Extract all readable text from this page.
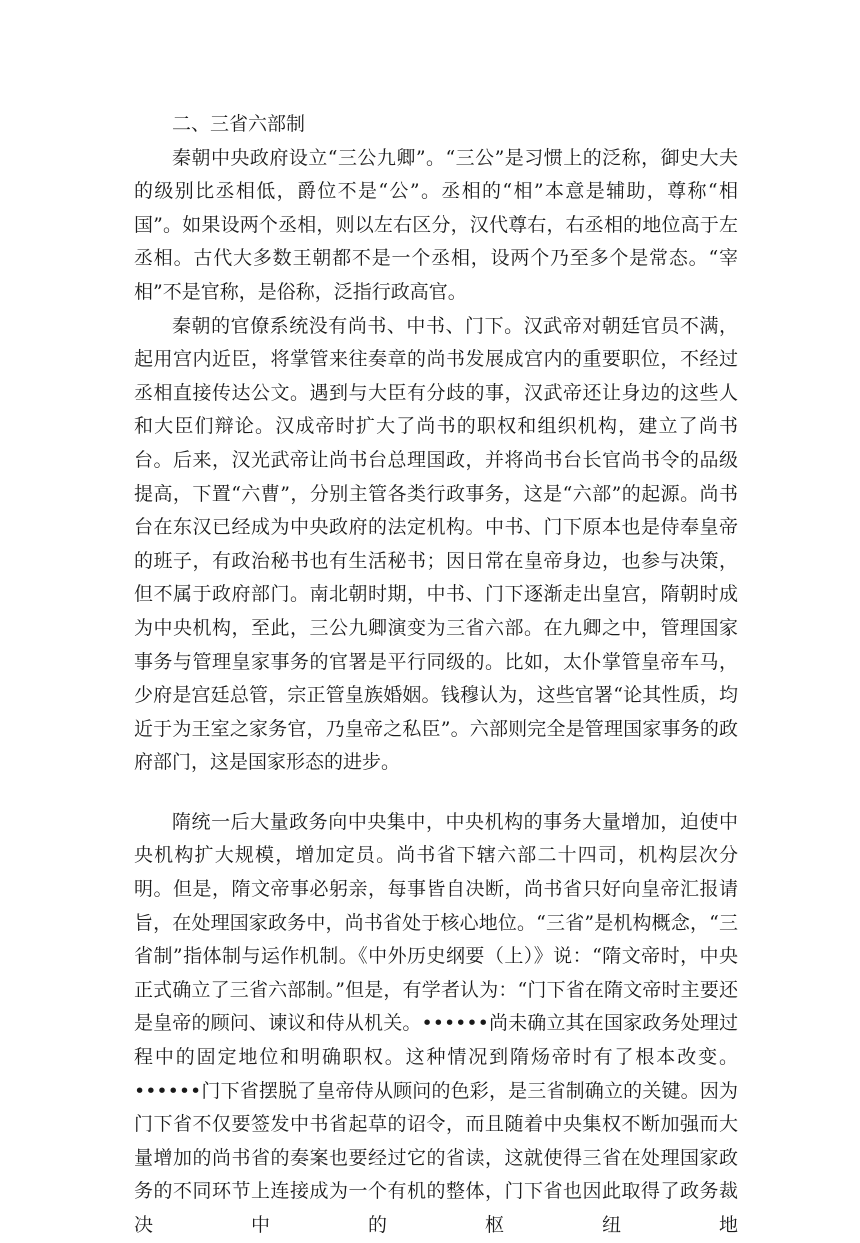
二、三省六部制

秦朝中央政府设立“三公九卿”。“三公”是习惯上的泛称，御史大夫的级别比丞相低，爵位不是“公”。丞相的“相”本意是辅助，尊称“相国”。如果设两个丞相，则以左右区分，汉代尊右，右丞相的地位高于左丞相。古代大多数王朝都不是一个丞相，设两个乃至多个是常态。“宰相”不是官称，是俗称，泛指行政高官。

秦朝的官僚系统没有尚书、中书、门下。汉武帝对朝廷官员不满，起用宫内近臣，将掌管来往奏章的尚书发展成宫内的重要职位，不经过丞相直接传达公文。遇到与大臣有分歧的事，汉武帝还让身边的这些人和大臣们辩论。汉成帝时扩大了尚书的职权和组织机构，建立了尚书台。后来，汉光武帝让尚书台总理国政，并将尚书台长官尚书令的品级提高，下置“六曹”，分别主管各类行政事务，这是“六部”的起源。尚书台在东汉已经成为中央政府的法定机构。中书、门下原本也是侍奉皇帝的班子，有政治秘书也有生活秘书；因日常在皇帝身边，也参与决策，但不属于政府部门。南北朝时期，中书、门下逐渐走出皇宫，隋朝时成为中央机构，至此，三公九卿演变为三省六部。在九卿之中，管理国家事务与管理皇家事务的官署是平行同级的。比如，太仆掌管皇帝车马，少府是宫廷总管，宗正管皇族婚姻。钱穆认为，这些官署“论其性质，均近于为王室之家务官，乃皇帝之私臣”。六部则完全是管理国家事务的政府部门，这是国家形态的进步。

隋统一后大量政务向中央集中，中央机构的事务大量增加，迫使中央机构扩大规模，增加定员。尚书省下辖六部二十四司，机构层次分明。但是，隋文帝事必躬亲，每事皆自决断，尚书省只好向皇帝汇报请旨，在处理国家政务中，尚书省处于核心地位。“三省”是机构概念，“三省制”指体制与运作机制。《中外历史纲要（上）》说：“隋文帝时，中央正式确立了三省六部制。”但是，有学者认为：“门下省在隋文帝时主要还是皇帝的顾问、谏议和侍从机关。••••••尚未确立其在国家政务处理过程中的固定地位和明确职权。这种情况到隋炀帝时有了根本改变。••••••门下省摆脱了皇帝侍从顾问的色彩，是三省制确立的关键。因为门下省不仅要签发中书省起草的诏令，而且随着中央集权不断加强而大量增加的尚书省的奏案也要经过它的省读，这就使得三省在处理国家政务的不同环节上连接成为一个有机的整体，门下省也因此取得了政务裁决中的枢纽地
